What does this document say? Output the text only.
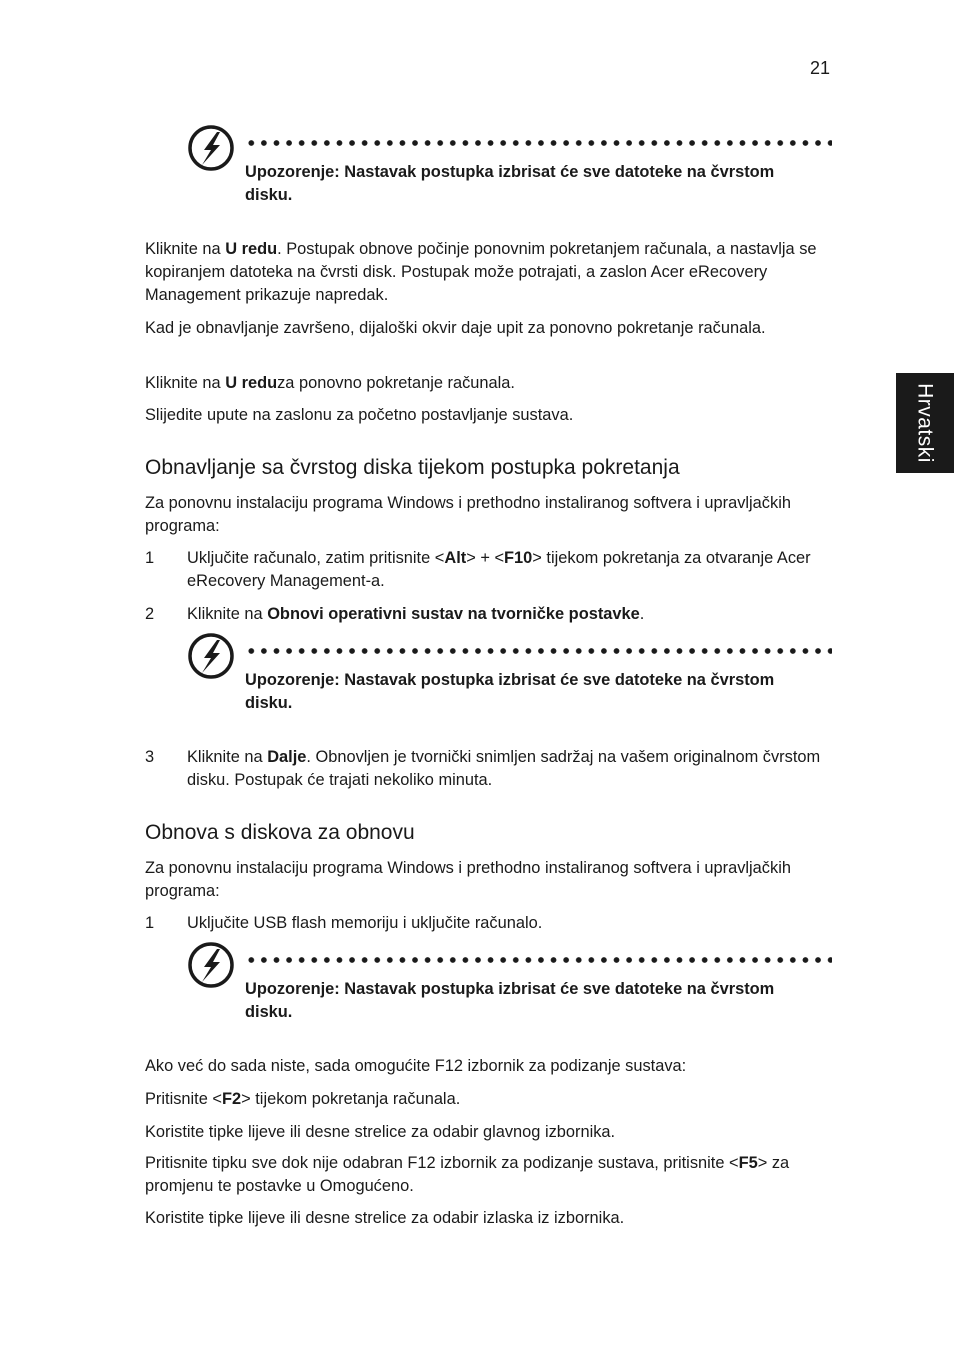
21
Hrvatski
Upozorenje: Nastavak postupka izbrisat će sve datoteke na čvrstom disku.

Kliknite na U redu. Postupak obnove počinje ponovnim pokretanjem računala, a nastavlja se kopiranjem datoteka na čvrsti disk. Postupak može potrajati, a zaslon Acer eRecovery Management prikazuje napredak.

Kad je obnavljanje završeno, dijaloški okvir daje upit za ponovno pokretanje računala.

Kliknite na U reduza ponovno pokretanje računala.

Slijedite upute na zaslonu za početno postavljanje sustava.

Obnavljanje sa čvrstog diska tijekom postupka pokretanja

Za ponovnu instalaciju programa Windows i prethodno instaliranog softvera i upravljačkih programa:

1	Uključite računalo, zatim pritisnite <Alt> + <F10> tijekom pokretanja za otvaranje Acer eRecovery Management-a.

2	Kliknite na Obnovi operativni sustav na tvorničke postavke.

Upozorenje: Nastavak postupka izbrisat će sve datoteke na čvrstom disku.
3	Kliknite na Dalje. Obnovljen je tvornički snimljen sadržaj na vašem originalnom čvrstom disku. Postupak će trajati nekoliko minuta.

Obnova s diskova za obnovu

Za ponovnu instalaciju programa Windows i prethodno instaliranog softvera i upravljačkih programa:

1	Uključite USB flash memoriju i uključite računalo.

Upozorenje: Nastavak postupka izbrisat će sve datoteke na čvrstom disku.

Ako već do sada niste, sada omogućite F12 izbornik za podizanje sustava:

Pritisnite <F2> tijekom pokretanja računala.

Koristite tipke lijeve ili desne strelice za odabir glavnog izbornika.

Pritisnite tipku sve dok nije odabran F12 izbornik za podizanje sustava, pritisnite <F5> za promjenu te postavke u Omogućeno.

Koristite tipke lijeve ili desne strelice za odabir izlaska iz izbornika.
